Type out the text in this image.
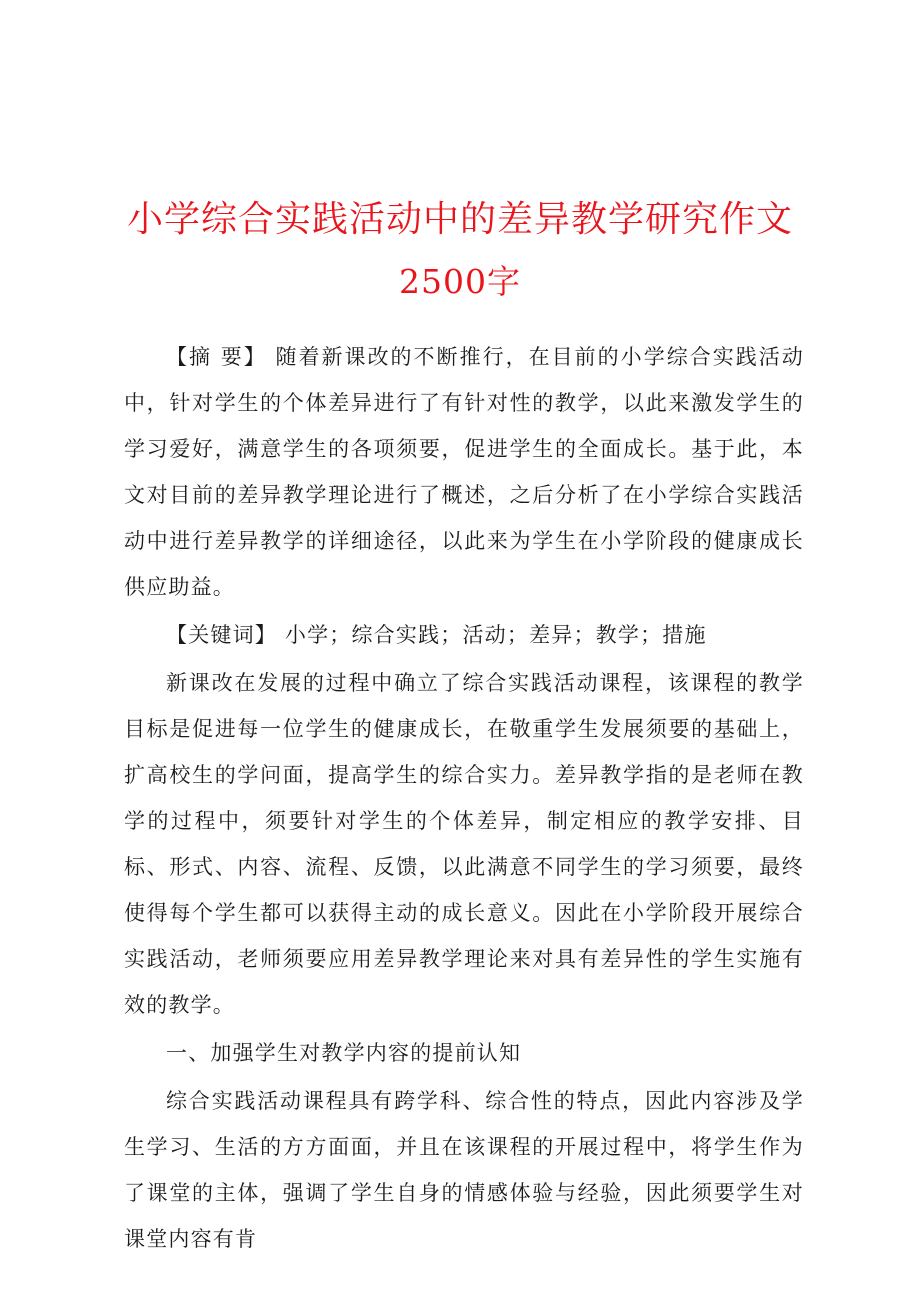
小学综合实践活动中的差异教学研究作文
2500字

【摘 要】 随着新课改的不断推行，在目前的小学综合实践活动中，针对学生的个体差异进行了有针对性的教学，以此来激发学生的学习爱好，满意学生的各项须要，促进学生的全面成长。基于此，本文对目前的差异教学理论进行了概述，之后分析了在小学综合实践活动中进行差异教学的详细途径，以此来为学生在小学阶段的健康成长供应助益。

【关键词】 小学；综合实践；活动；差异；教学；措施

新课改在发展的过程中确立了综合实践活动课程，该课程的教学目标是促进每一位学生的健康成长，在敬重学生发展须要的基础上，扩高校生的学问面，提高学生的综合实力。差异教学指的是老师在教学的过程中，须要针对学生的个体差异，制定相应的教学安排、目标、形式、内容、流程、反馈，以此满意不同学生的学习须要，最终使得每个学生都可以获得主动的成长意义。因此在小学阶段开展综合实践活动，老师须要应用差异教学理论来对具有差异性的学生实施有效的教学。

一、加强学生对教学内容的提前认知

综合实践活动课程具有跨学科、综合性的特点，因此内容涉及学生学习、生活的方方面面，并且在该课程的开展过程中，将学生作为了课堂的主体，强调了学生自身的情感体验与经验，因此须要学生对课堂内容有肯
